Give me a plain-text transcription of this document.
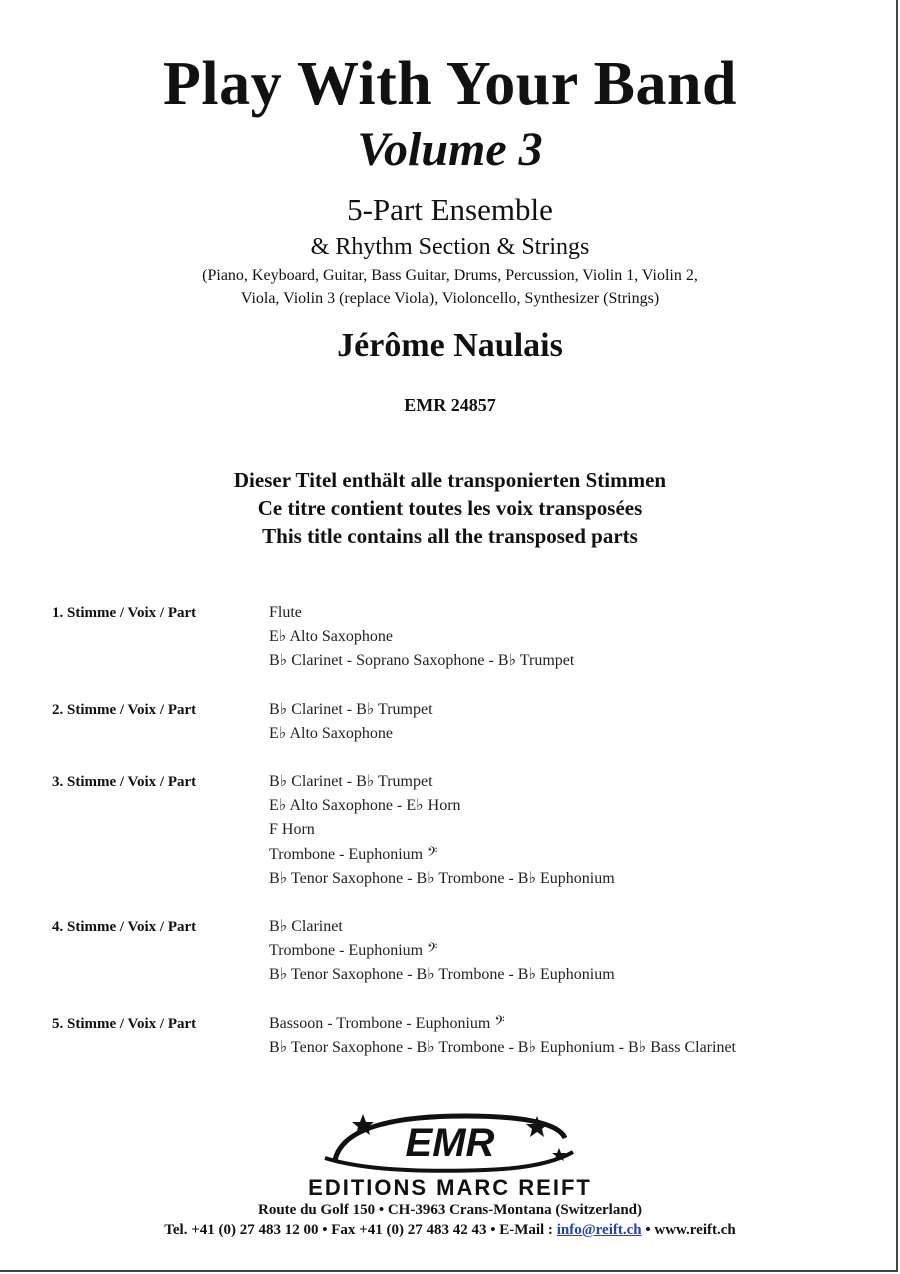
Play With Your Band
Volume 3
5-Part Ensemble
& Rhythm Section & Strings
(Piano, Keyboard, Guitar, Bass Guitar, Drums, Percussion, Violin 1, Violin 2,
Viola, Violin 3 (replace Viola), Violoncello, Synthesizer (Strings)
Jérôme Naulais
EMR 24857
Dieser Titel enthält alle transponierten Stimmen
Ce titre contient toutes les voix transposées
This title contains all the transposed parts
1. Stimme / Voix / Part	Flute
E♭ Alto Saxophone
B♭ Clarinet - Soprano Saxophone - B♭ Trumpet
2. Stimme / Voix / Part	B♭ Clarinet - B♭ Trumpet
E♭ Alto Saxophone
3. Stimme / Voix / Part	B♭ Clarinet - B♭ Trumpet
E♭ Alto Saxophone - E♭ Horn
F Horn
Trombone - Euphonium 𝄢
B♭ Tenor Saxophone - B♭ Trombone - B♭ Euphonium
4. Stimme / Voix / Part	B♭ Clarinet
Trombone - Euphonium 𝄢
B♭ Tenor Saxophone - B♭ Trombone - B♭ Euphonium
5. Stimme / Voix / Part	Bassoon - Trombone - Euphonium 𝄢
B♭ Tenor Saxophone - B♭ Trombone - B♭ Euphonium - B♭ Bass Clarinet
EMR
EDITIONS MARC REIFT
Route du Golf 150 • CH-3963 Crans-Montana (Switzerland)
Tel. +41 (0) 27 483 12 00 • Fax +41 (0) 27 483 42 43 • E-Mail : info@reift.ch • www.reift.ch
